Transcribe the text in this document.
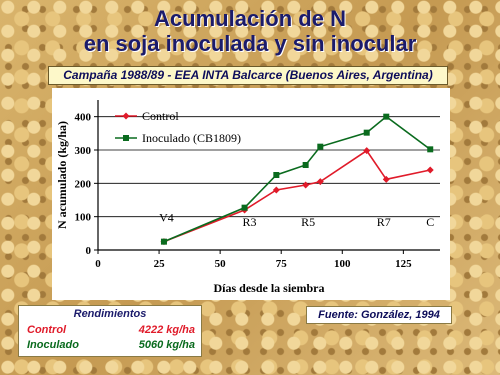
Acumulación de N
en soja inoculada y sin inocular
Campaña 1988/89 - EEA INTA Balcarce (Buenos Aires, Argentina)
0
100
200
300
400
0	25	50	75	100	125
Días desde la siembra
N acumulado (kg/ha)
Control
Inoculado (CB1809)
V4	R3	R5	R7	C
Rendimientos
Control	4222 kg/ha
Inoculado	5060 kg/ha
Fuente: González, 1994
